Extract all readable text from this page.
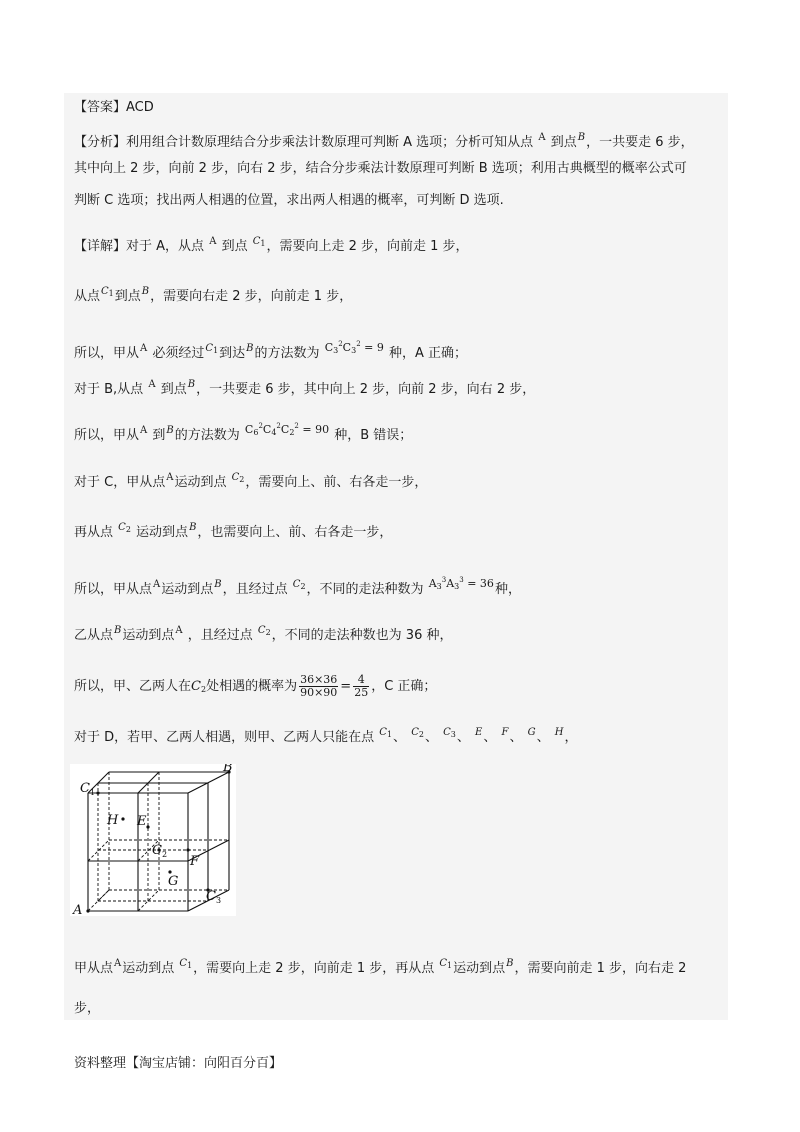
【答案】ACD
【分析】利用组合计数原理结合分步乘法计数原理可判断 A 选项；分析可知从点 $^A$ 到点$^B$，一共要走 6 步，
其中向上 2 步，向前 2 步，向右 2 步，结合分步乘法计数原理可判断 B 选项；利用古典概型的概率公式可
判断 C 选项；找出两人相遇的位置，求出两人相遇的概率，可判断 D 选项.
【详解】对于 A，从点 $^A$ 到点 $^{C_1}$，需要向上走 2 步，向前走 1 步，
从点$^{C_1}$到点$^B$，需要向右走 2 步，向前走 1 步，
所以，甲从$^A$ 必须经过$^{C_1}$到达$^B$的方法数为 $^{C_3^2C_3^2 = 9}$ 种，A 正确；
对于 B,从点 $^A$ 到点$^B$，一共要走 6 步，其中向上 2 步，向前 2 步，向右 2 步，
所以，甲从$^A$ 到$^B$的方法数为 $^{C_6^2C_4^2C_2^2 = 90}$ 种，B 错误；
对于 C，甲从点$^A$运动到点 $^{C_2}$，需要向上、前、右各走一步，
再从点 $^{C_2}$ 运动到点$^B$，也需要向上、前、右各走一步，
所以，甲从点$^A$运动到点$^B$，且经过点 $^{C_2}$，不同的走法种数为 $^{A_3^3A_3^3 = 36}$种，
乙从点$^B$运动到点$^A$ ，且经过点 $^{C_2}$，不同的走法种数也为 36 种，
所以，甲、乙两人在$C_2$处相遇的概率为 $\frac{36\times 36}{90\times 90} = \frac{4}{25}$ ，C 正确；
对于 D，若甲、乙两人相遇，则甲、乙两人只能在点 $^{C_1}$、 $^{C_2}$、 $^{C_3}$、 $^E$、 $^F$、 $^G$、 $^H$，
A
B
$C_1$
$C_2$
$C_3$
E
F
G
H
甲从点$^A$运动到点 $^{C_1}$，需要向上走 2 步，向前走 1 步，再从点 $^{C_1}$运动到点$^B$，需要向前走 1 步，向右走 2
步，
资料整理【淘宝店铺：向阳百分百】
